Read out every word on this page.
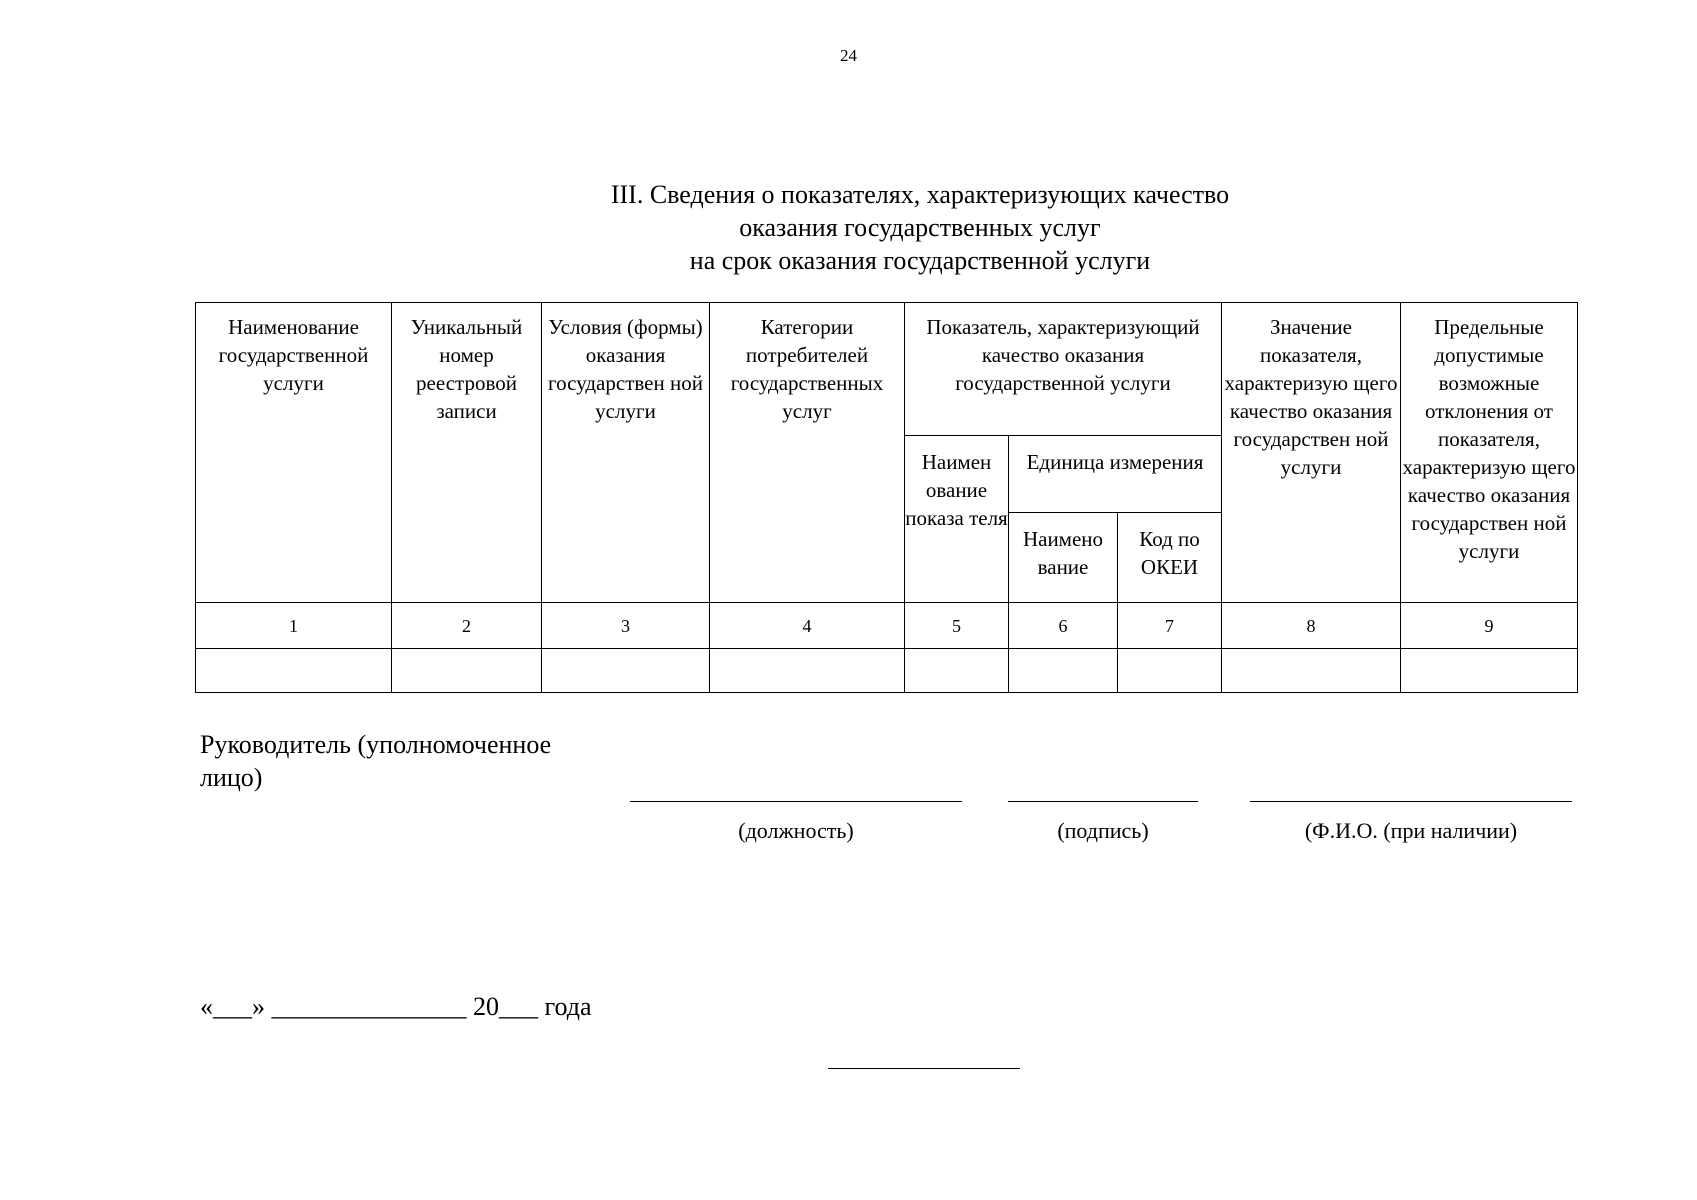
24
III. Сведения о показателях, характеризующих качество
оказания государственных услуг
на срок оказания государственной услуги
Наименование государственной услуги	Уникальный номер реестровой записи	Условия (формы) оказания государствен ной услуги	Категории потребителей государственных услуг	Показатель, характеризующий качество оказания государственной услуги			Значение показателя, характеризую щего качество оказания государствен ной услуги	Предельные допустимые возможные отклонения от показателя, характеризую щего качество оказания государствен ной услуги
				Наимен ование показа теля	Единица измерения			
					Наимено вание	Код по ОКЕИ		
1	2	3	4	5	6	7	8	9

Руководитель (уполномоченное лицо)
(должность)	(подпись)	(Ф.И.О. (при наличии)
«___» _______________ 20___ года
